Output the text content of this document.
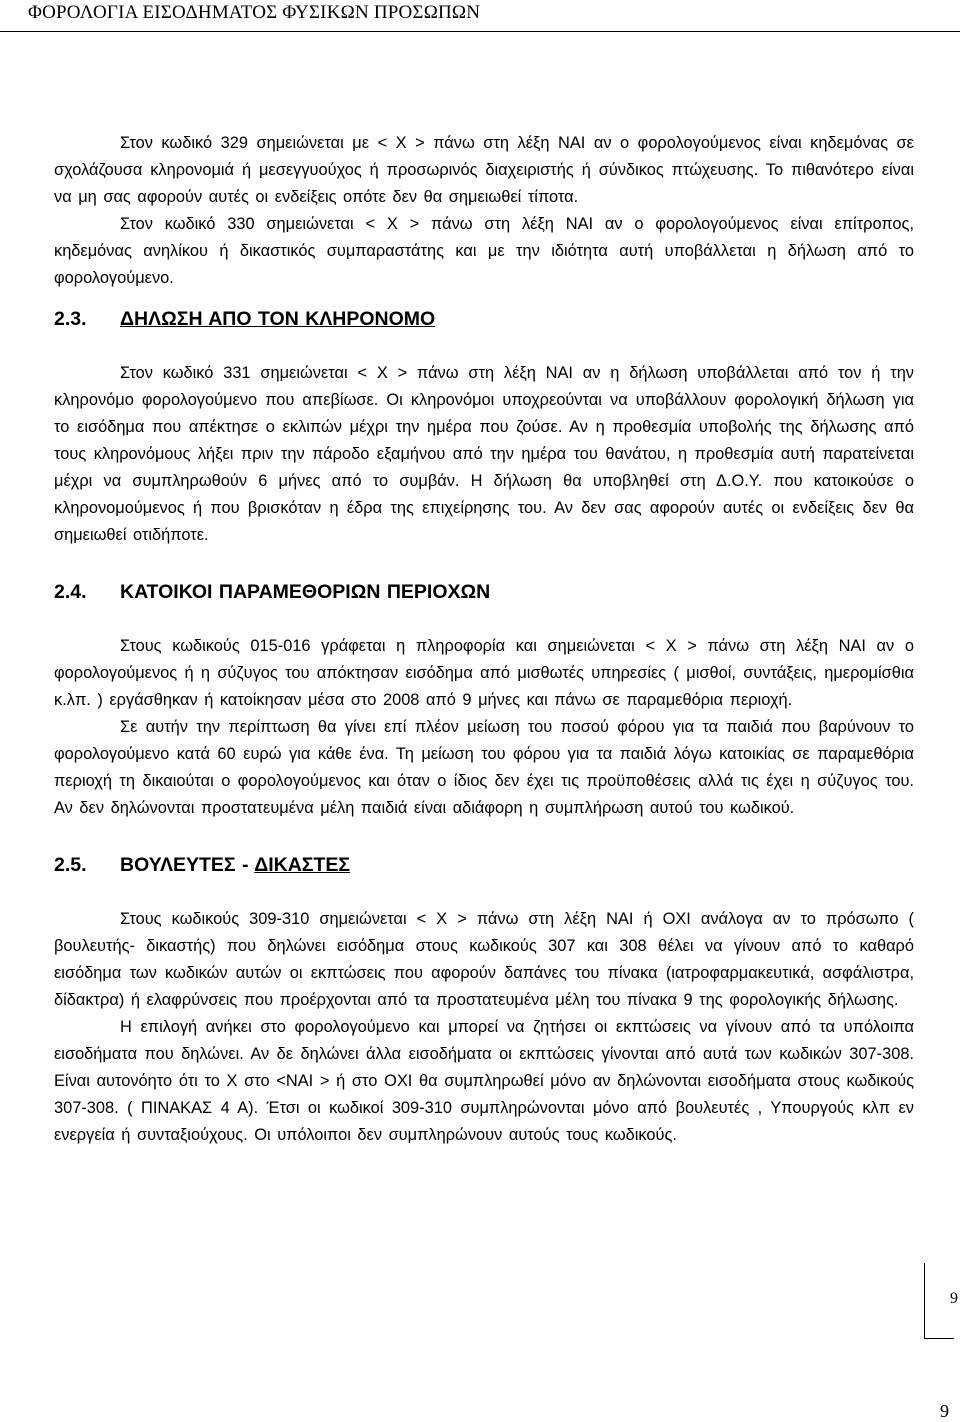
ΦΟΡΟΛΟΓΙΑ ΕΙΣΟΔΗΜΑΤΟΣ ΦΥΣΙΚΩΝ ΠΡΟΣΩΠΩΝ

Στον κωδικό 329 σημειώνεται με < Χ > πάνω στη λέξη ΝΑΙ αν ο φορολογούμενος είναι κηδεμόνας σε σχολάζουσα κληρονομιά ή μεσεγγυούχος ή προσωρινός διαχειριστής ή σύνδικος πτώχευσης. Το πιθανότερο είναι να μη σας αφορούν αυτές οι ενδείξεις οπότε δεν θα σημειωθεί τίποτα.

Στον κωδικό 330 σημειώνεται < Χ > πάνω στη λέξη ΝΑΙ αν ο φορολογούμενος είναι επίτροπος, κηδεμόνας ανηλίκου ή δικαστικός συμπαραστάτης και με την ιδιότητα αυτή υποβάλλεται η δήλωση από το φορολογούμενο.

2.3. ΔΗΛΩΣΗ ΑΠΟ ΤΟΝ ΚΛΗΡΟΝΟΜΟ

Στον κωδικό 331 σημειώνεται < Χ > πάνω στη λέξη ΝΑΙ αν η δήλωση υποβάλλεται από τον ή την κληρονόμο φορολογούμενο που απεβίωσε. Οι κληρονόμοι υποχρεούνται να υποβάλλουν φορολογική δήλωση για το εισόδημα που απέκτησε ο εκλιπών μέχρι την ημέρα που ζούσε. Αν η προθεσμία υποβολής της δήλωσης από τους κληρονόμους λήξει πριν την πάροδο εξαμήνου από την ημέρα του θανάτου, η προθεσμία αυτή παρατείνεται μέχρι να συμπληρωθούν 6 μήνες από το συμβάν. Η δήλωση θα υποβληθεί στη Δ.Ο.Υ. που κατοικούσε ο κληρονομούμενος ή που βρισκόταν η έδρα της επιχείρησης του. Αν δεν σας αφορούν αυτές οι ενδείξεις δεν θα σημειωθεί οτιδήποτε.

2.4. ΚΑΤΟΙΚΟΙ ΠΑΡΑΜΕΘΟΡΙΩΝ ΠΕΡΙΟΧΩΝ

Στους κωδικούς 015-016 γράφεται η πληροφορία και σημειώνεται < Χ > πάνω στη λέξη ΝΑΙ αν ο φορολογούμενος ή η σύζυγος του απόκτησαν εισόδημα από μισθωτές υπηρεσίες ( μισθοί, συντάξεις, ημερομίσθια κ.λπ. ) εργάσθηκαν ή κατοίκησαν μέσα στο 2008 από 9 μήνες και πάνω σε παραμεθόρια περιοχή.

Σε αυτήν την περίπτωση θα γίνει επί πλέον μείωση του ποσού φόρου για τα παιδιά που βαρύνουν το φορολογούμενο κατά 60 ευρώ για κάθε ένα. Τη μείωση του φόρου για τα παιδιά λόγω κατοικίας σε παραμεθόρια περιοχή τη δικαιούται ο φορολογούμενος και όταν ο ίδιος δεν έχει τις προϋποθέσεις αλλά τις έχει η σύζυγος του. Αν δεν δηλώνονται προστατευμένα μέλη παιδιά είναι αδιάφορη η συμπλήρωση αυτού του κωδικού.

2.5. ΒΟΥΛΕΥΤΕΣ - ΔΙΚΑΣΤΕΣ

Στους κωδικούς 309-310 σημειώνεται < Χ > πάνω στη λέξη ΝΑΙ ή ΟΧΙ ανάλογα αν το πρόσωπο ( βουλευτής- δικαστής) που δηλώνει εισόδημα στους κωδικούς 307 και 308 θέλει να γίνουν από το καθαρό εισόδημα των κωδικών αυτών οι εκπτώσεις που αφορούν δαπάνες του πίνακα (ιατροφαρμακευτικά, ασφάλιστρα, δίδακτρα) ή ελαφρύνσεις που προέρχονται από τα προστατευμένα μέλη του πίνακα 9 της φορολογικής δήλωσης.

Η επιλογή ανήκει στο φορολογούμενο και μπορεί να ζητήσει οι εκπτώσεις να γίνουν από τα υπόλοιπα εισοδήματα που δηλώνει. Αν δε δηλώνει άλλα εισοδήματα οι εκπτώσεις γίνονται από αυτά των κωδικών 307-308. Είναι αυτονόητο ότι το Χ στο <ΝΑΙ > ή στο ΟΧΙ θα συμπληρωθεί μόνο αν δηλώνονται εισοδήματα στους κωδικούς 307-308. ( ΠΙΝΑΚΑΣ 4 Α). Έτσι οι κωδικοί 309-310 συμπληρώνονται μόνο από βουλευτές , Υπουργούς κλπ εν ενεργεία ή συνταξιούχους. Οι υπόλοιποι δεν συμπληρώνουν αυτούς τους κωδικούς.

9
9
